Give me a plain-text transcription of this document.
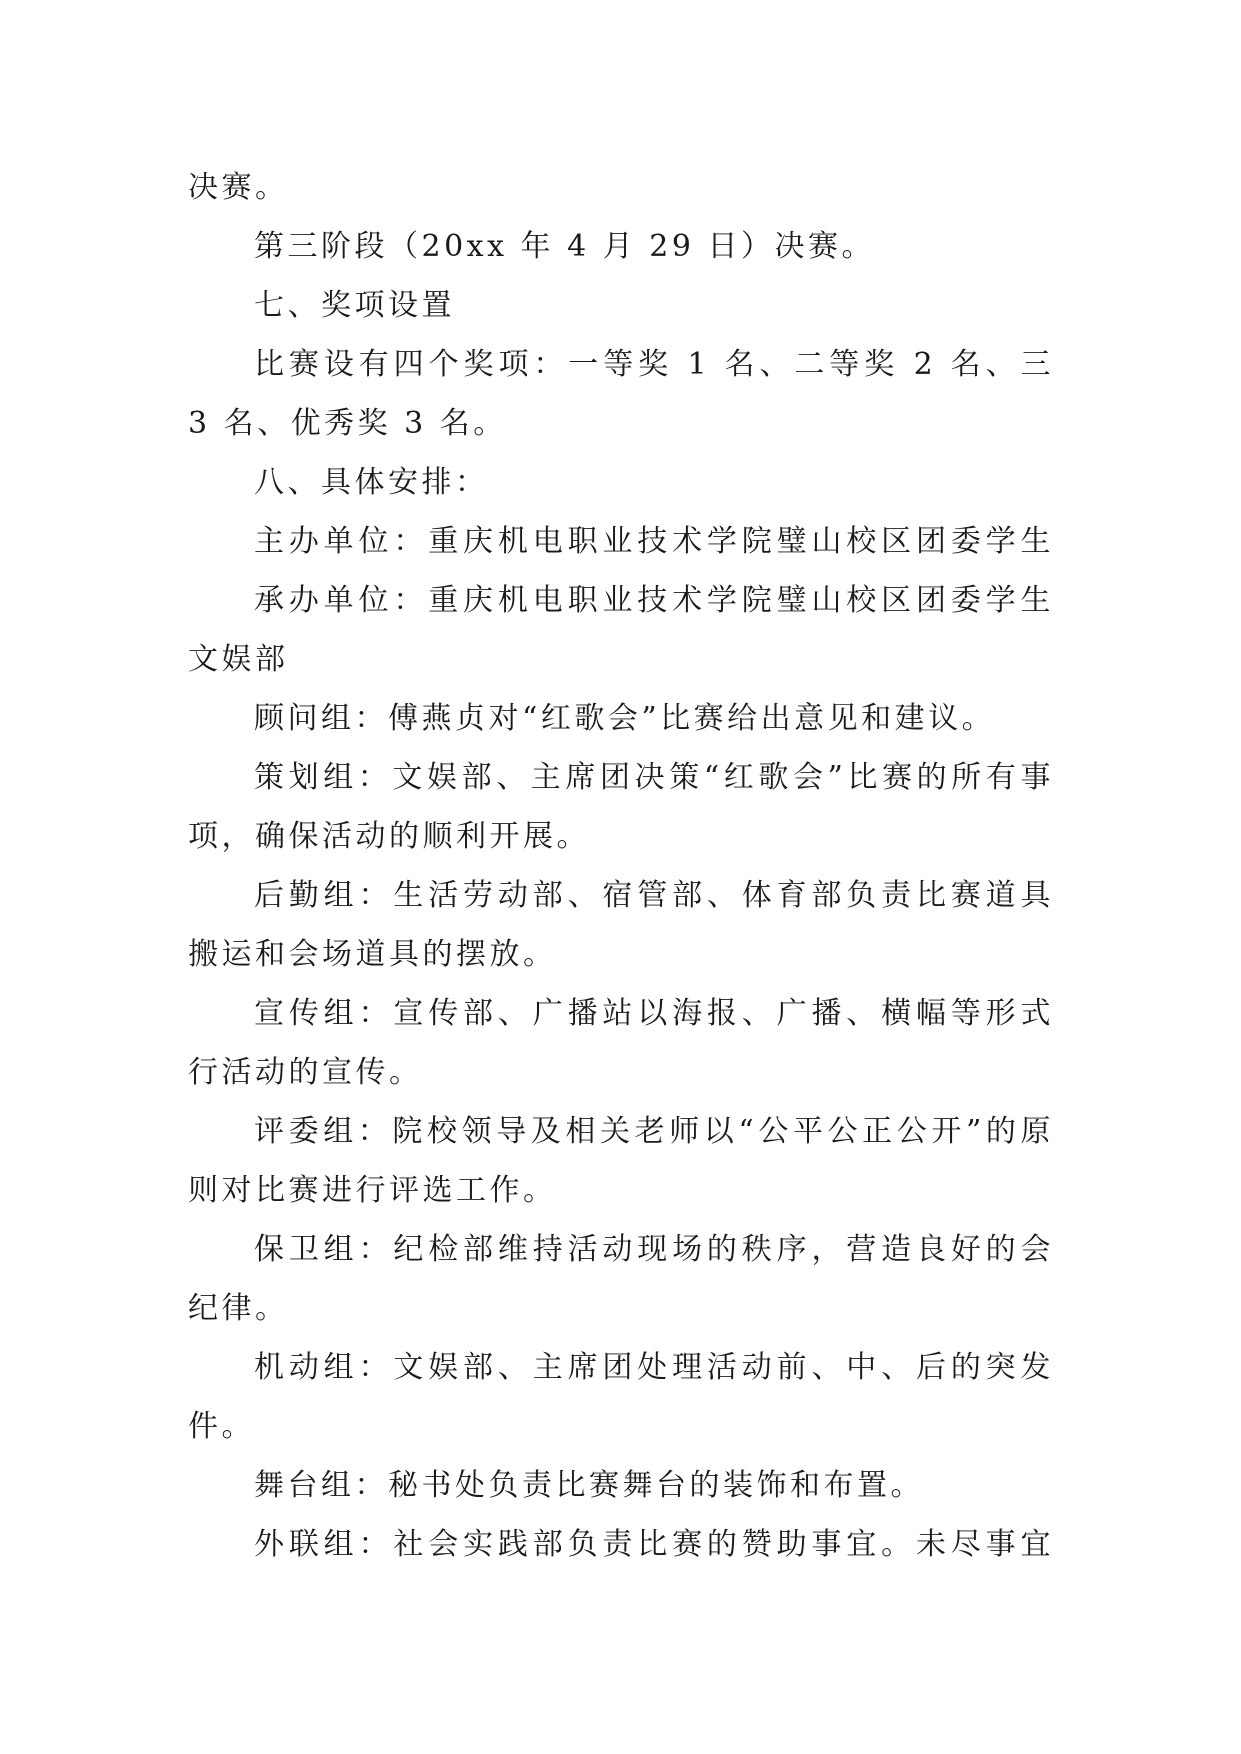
决赛。
第三阶段（20xx 年 4 月 29 日）决赛。
七、奖项设置
比赛设有四个奖项：一等奖 1 名、二等奖 2 名、三
3 名、优秀奖 3 名。
八、具体安排：
主办单位：重庆机电职业技术学院璧山校区团委学生
承办单位：重庆机电职业技术学院璧山校区团委学生
文娱部
顾问组：傅燕贞对“红歌会”比赛给出意见和建议。
策划组：文娱部、主席团决策“红歌会”比赛的所有事
项，确保活动的顺利开展。
后勤组：生活劳动部、宿管部、体育部负责比赛道具
搬运和会场道具的摆放。
宣传组：宣传部、广播站以海报、广播、横幅等形式
行活动的宣传。
评委组：院校领导及相关老师以“公平公正公开”的原
则对比赛进行评选工作。
保卫组：纪检部维持活动现场的秩序，营造良好的会
纪律。
机动组：文娱部、主席团处理活动前、中、后的突发
件。
舞台组：秘书处负责比赛舞台的装饰和布置。
外联组：社会实践部负责比赛的赞助事宜。未尽事宜
